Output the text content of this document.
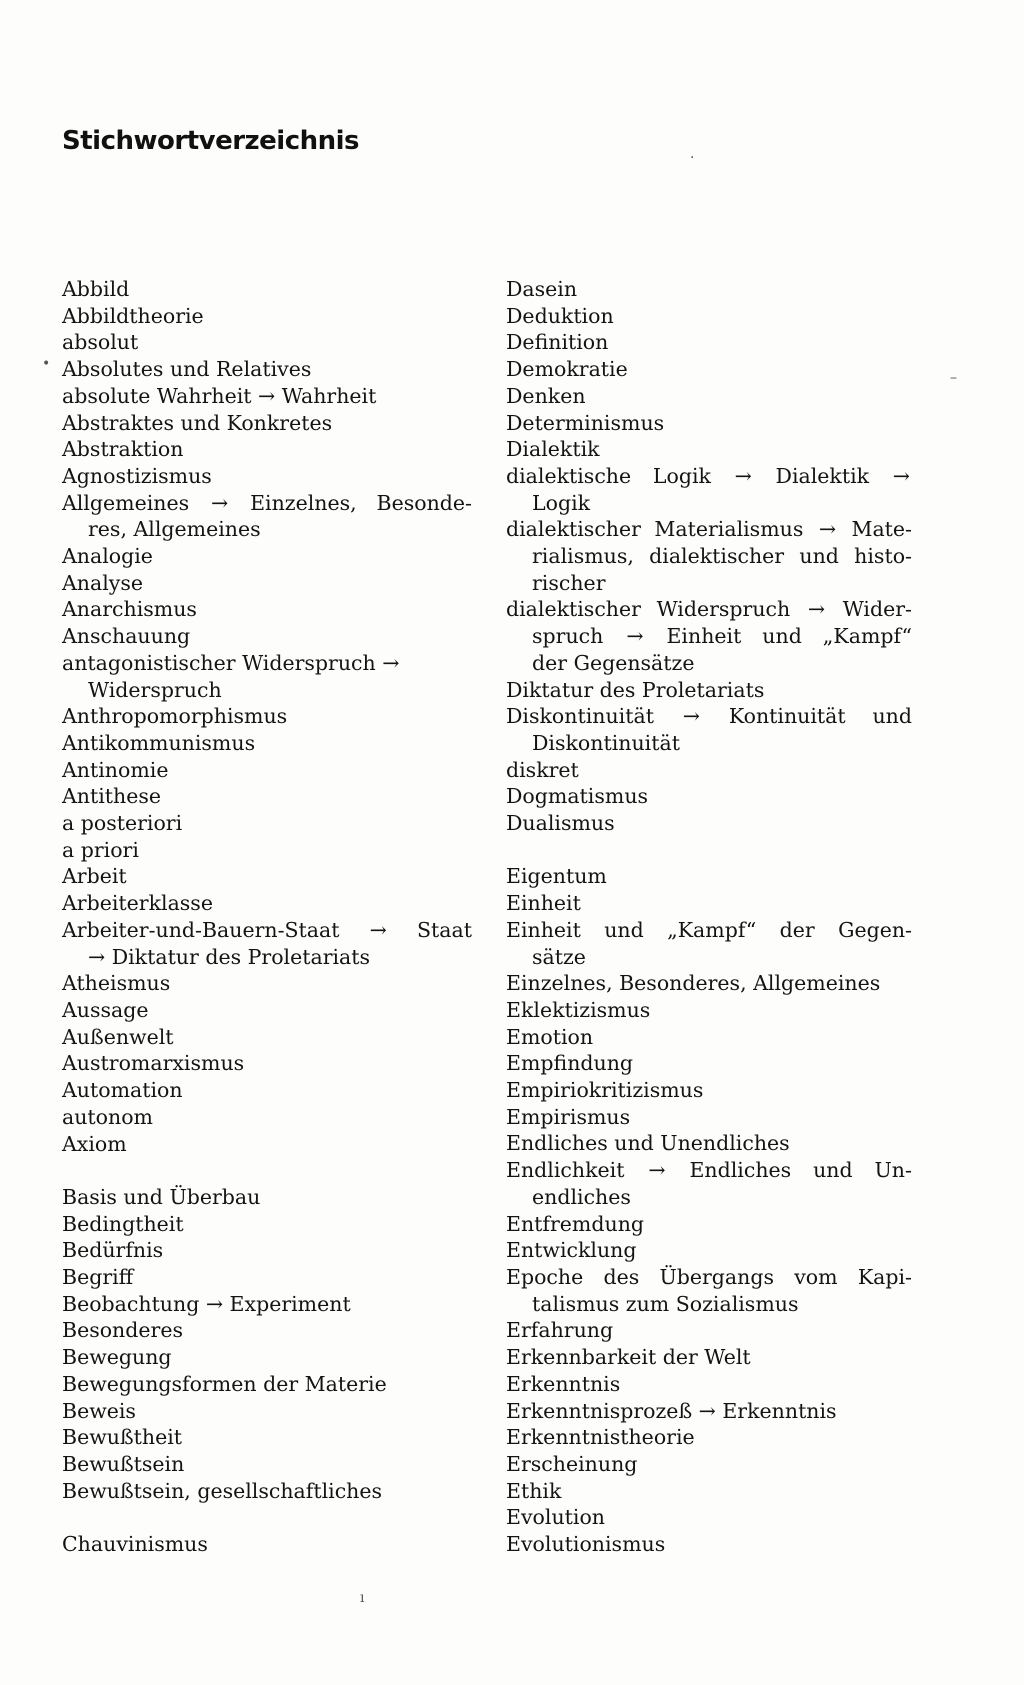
Stichwortverzeichnis
Abbild
Abbildtheorie
absolut
Absolutes und Relatives
absolute Wahrheit → Wahrheit
Abstraktes und Konkretes
Abstraktion
Agnostizismus
Allgemeines → Einzelnes, Besonde-
res, Allgemeines
Analogie
Analyse
Anarchismus
Anschauung
antagonistischer Widerspruch →
Widerspruch
Anthropomorphismus
Antikommunismus
Antinomie
Antithese
a posteriori
a priori
Arbeit
Arbeiterklasse
Arbeiter-und-Bauern-Staat → Staat
→ Diktatur des Proletariats
Atheismus
Aussage
Außenwelt
Austromarxismus
Automation
autonom
Axiom
Basis und Überbau
Bedingtheit
Bedürfnis
Begriff
Beobachtung → Experiment
Besonderes
Bewegung
Bewegungsformen der Materie
Beweis
Bewußtheit
Bewußtsein
Bewußtsein, gesellschaftliches
Chauvinismus
Dasein
Deduktion
Definition
Demokratie
Denken
Determinismus
Dialektik
dialektische Logik → Dialektik →
Logik
dialektischer Materialismus → Mate-
rialismus, dialektischer und histo-
rischer
dialektischer Widerspruch → Wider-
spruch → Einheit und „Kampf“
der Gegensätze
Diktatur des Proletariats
Diskontinuität → Kontinuität und
Diskontinuität
diskret
Dogmatismus
Dualismus
Eigentum
Einheit
Einheit und „Kampf“ der Gegen-
sätze
Einzelnes, Besonderes, Allgemeines
Eklektizismus
Emotion
Empfindung
Empiriokritizismus
Empirismus
Endliches und Unendliches
Endlichkeit → Endliches und Un-
endliches
Entfremdung
Entwicklung
Epoche des Übergangs vom Kapi-
talismus zum Sozialismus
Erfahrung
Erkennbarkeit der Welt
Erkenntnis
Erkenntnisprozeß → Erkenntnis
Erkenntnistheorie
Erscheinung
Ethik
Evolution
Evolutionismus
•
·
ı
–
